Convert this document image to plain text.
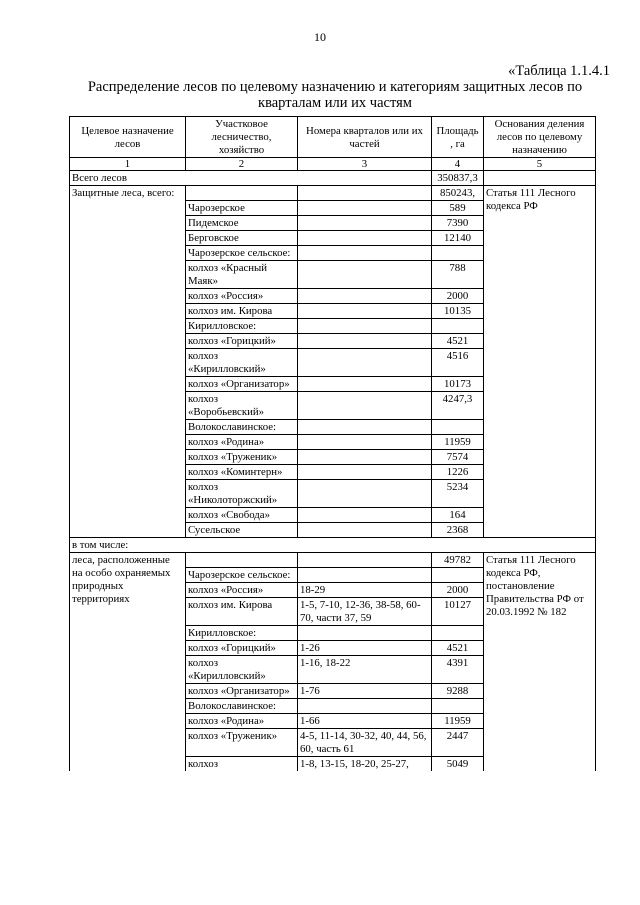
10
«Таблица 1.1.4.1
Распределение лесов по целевому назначению и категориям защитных лесов по кварталам или их частям
Целевое назначение лесов	Участковое лесничество, хозяйство	Номера кварталов или их частей	Площадь , га	Основания деления лесов по целевому назначению
1	2	3	4	5
Всего лесов			350837,3	
Защитные леса, всего:			850243,	Статья 111 Лесного кодекса РФ
	Чарозерское		589	
	Пидемское		7390	
	Берговское		12140	
	Чарозерское сельское:			
	колхоз «Красный Маяк»		788	
	колхоз «Россия»		2000	
	колхоз им. Кирова		10135	
	Кирилловское:			
	колхоз «Горицкий»		4521	
	колхоз «Кирилловский»		4516	
	колхоз «Организатор»		10173	
	колхоз «Воробьевский»		4247,3	
	Волокославинское:			
	колхоз «Родина»		11959	
	колхоз «Труженик»		7574	
	колхоз «Коминтерн»		1226	
	колхоз «Николоторжский»		5234	
	колхоз «Свобода»		164	
	Сусельское		2368	
в том числе:				
леса, расположенные на особо охраняемых природных территориях			49782	Статья 111 Лесного кодекса РФ, постановление Правительства РФ от 20.03.1992 № 182
	Чарозерское сельское:			
	колхоз «Россия»	18-29	2000	
	колхоз им. Кирова	1-5, 7-10, 12-36, 38-58, 60-70, части 37, 59	10127	
	Кирилловское:			
	колхоз «Горицкий»	1-26	4521	
	колхоз «Кирилловский»	1-16, 18-22	4391	
	колхоз «Организатор»	1-76	9288	
	Волокославинское:			
	колхоз «Родина»	1-66	11959	
	колхоз «Труженик»	4-5, 11-14, 30-32, 40, 44, 56, 60, часть 61	2447	
	колхоз	1-8, 13-15, 18-20, 25-27,	5049	
